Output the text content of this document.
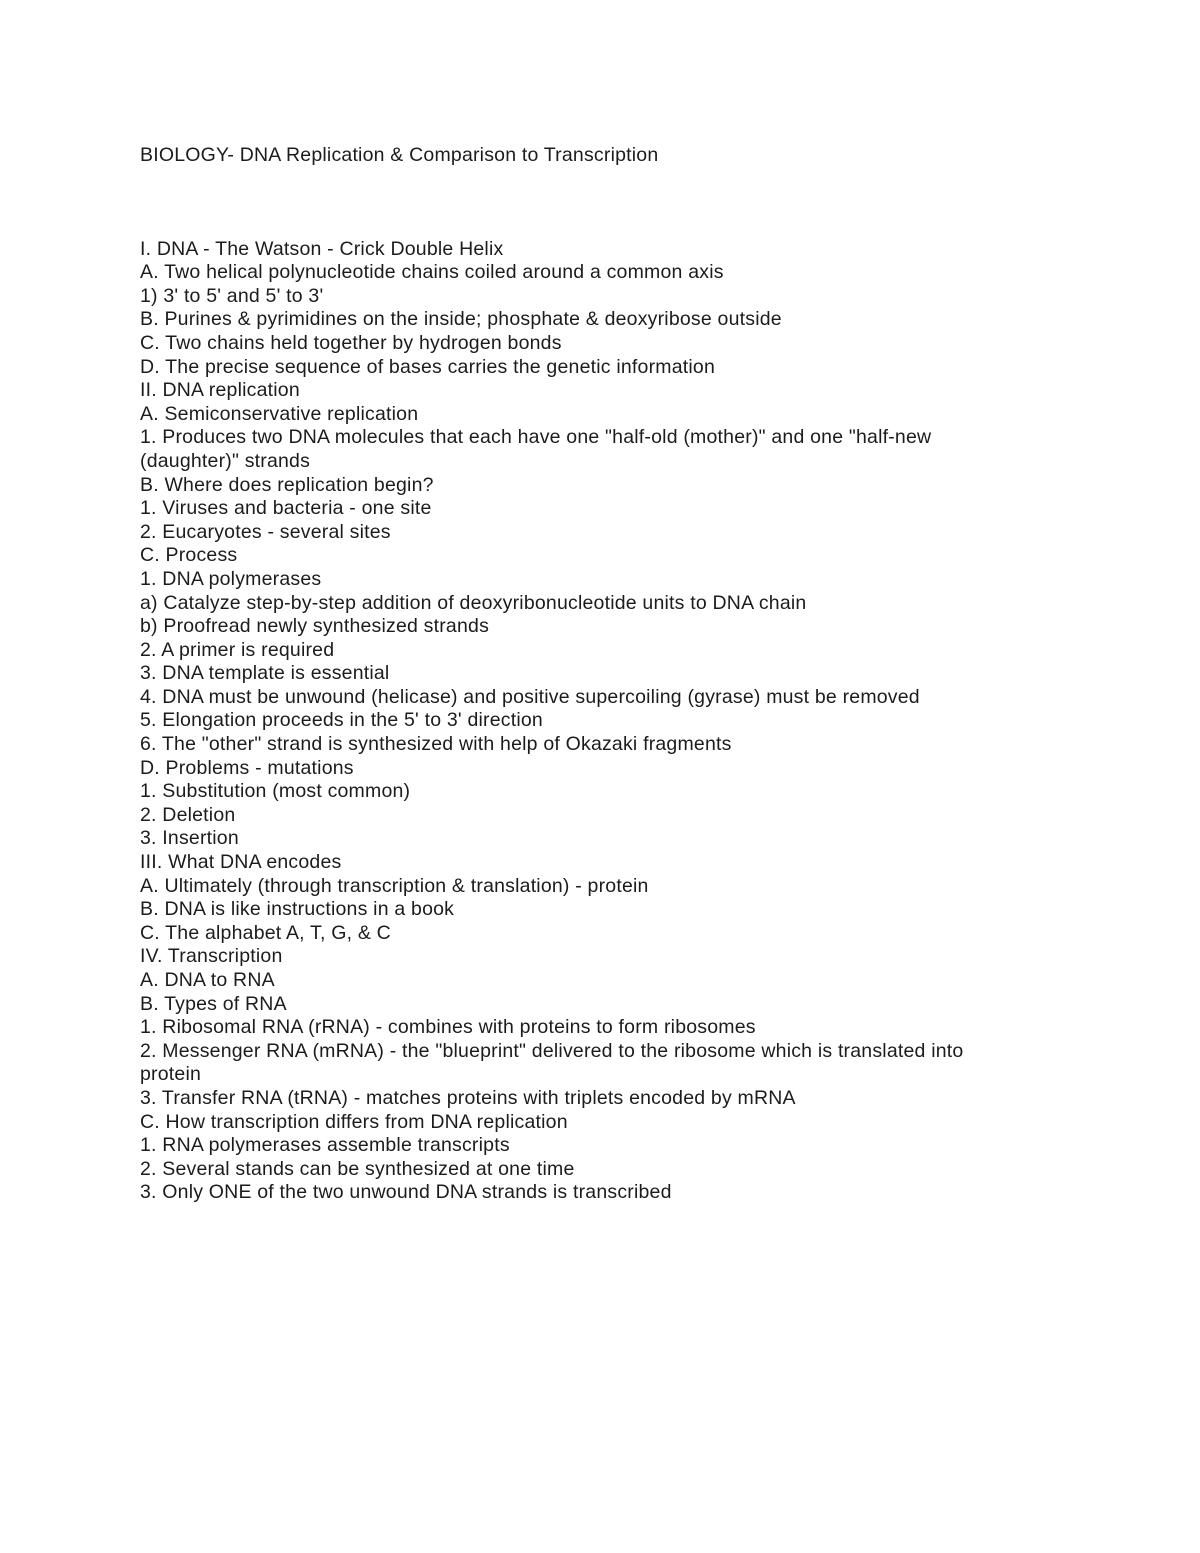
BIOLOGY- DNA Replication & Comparison to Transcription
I. DNA - The Watson - Crick Double Helix
A. Two helical polynucleotide chains coiled around a common axis
1) 3' to 5' and 5' to 3'
B. Purines & pyrimidines on the inside; phosphate & deoxyribose outside
C. Two chains held together by hydrogen bonds
D. The precise sequence of bases carries the genetic information
II. DNA replication
A. Semiconservative replication
1. Produces two DNA molecules that each have one "half-old (mother)" and one "half-new (daughter)" strands
B. Where does replication begin?
1. Viruses and bacteria - one site
2. Eucaryotes - several sites
C. Process
1. DNA polymerases
a) Catalyze step-by-step addition of deoxyribonucleotide units to DNA chain
b) Proofread newly synthesized strands
2. A primer is required
3. DNA template is essential
4. DNA must be unwound (helicase) and positive supercoiling (gyrase) must be removed
5. Elongation proceeds in the 5' to 3' direction
6. The "other" strand is synthesized with help of Okazaki fragments
D. Problems - mutations
1. Substitution (most common)
2. Deletion
3. Insertion
III. What DNA encodes
A. Ultimately (through transcription & translation) - protein
B. DNA is like instructions in a book
C. The alphabet A, T, G, & C
IV. Transcription
A. DNA to RNA
B. Types of RNA
1. Ribosomal RNA (rRNA) - combines with proteins to form ribosomes
2. Messenger RNA (mRNA) - the "blueprint" delivered to the ribosome which is translated into protein
3. Transfer RNA (tRNA) - matches proteins with triplets encoded by mRNA
C. How transcription differs from DNA replication
1. RNA polymerases assemble transcripts
2. Several stands can be synthesized at one time
3. Only ONE of the two unwound DNA strands is transcribed
